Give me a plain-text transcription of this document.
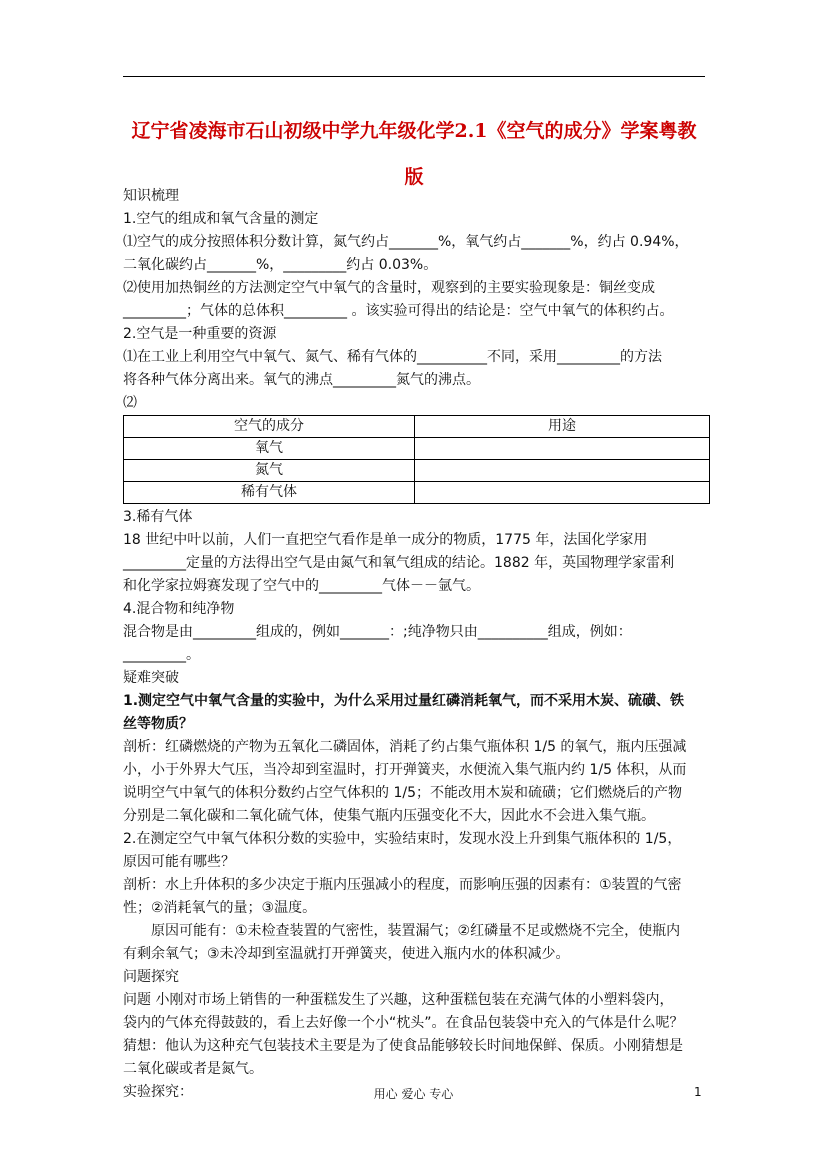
辽宁省凌海市石山初级中学九年级化学2.1《空气的成分》学案粤教
版

知识梳理

1.空气的组成和氧气含量的测定

⑴空气的成分按照体积分数计算，氮气约占_______%，氧气约占_______%，约占 0.94%，

二氧化碳约占_______%，_________约占 0.03%。

⑵使用加热铜丝的方法测定空气中氧气的含量时，观察到的主要实验现象是：铜丝变成

_________；气体的总体积_________ 。该实验可得出的结论是：空气中氧气的体积约占。

2.空气是一种重要的资源

⑴在工业上利用空气中氧气、氮气、稀有气体的__________不同，采用_________的方法

将各种气体分离出来。氧气的沸点_________氮气的沸点。

⑵

空气的成分	用途
氧气	
氮气	
稀有气体	

3.稀有气体

18 世纪中叶以前，人们一直把空气看作是单一成分的物质，1775 年，法国化学家用

_________定量的方法得出空气是由氮气和氧气组成的结论。1882 年，英国物理学家雷利

和化学家拉姆赛发现了空气中的_________气体－－氩气。

4.混合物和纯净物

混合物是由_________组成的，例如_______：;纯净物只由__________组成，例如：

_________。

疑难突破

1.测定空气中氧气含量的实验中，为什么采用过量红磷消耗氧气，而不采用木炭、硫磺、铁

丝等物质？

剖析：红磷燃烧的产物为五氧化二磷固体，消耗了约占集气瓶体积 1/5 的氧气，瓶内压强减

小，小于外界大气压，当冷却到室温时，打开弹簧夹，水便流入集气瓶内约 1/5 体积，从而

说明空气中氧气的体积分数约占空气体积的 1/5；不能改用木炭和硫磺；它们燃烧后的产物

分别是二氧化碳和二氧化硫气体，使集气瓶内压强变化不大，因此水不会进入集气瓶。

2.在测定空气中氧气体积分数的实验中，实验结束时，发现水没上升到集气瓶体积的 1/5，

原因可能有哪些？

剖析：水上升体积的多少决定于瓶内压强减小的程度，而影响压强的因素有：①装置的气密

性；②消耗氧气的量；③温度。

原因可能有：①未检查装置的气密性，装置漏气；②红磷量不足或燃烧不完全，使瓶内

有剩余氧气；③未冷却到室温就打开弹簧夹，使进入瓶内水的体积减少。

问题探究

问题 小刚对市场上销售的一种蛋糕发生了兴趣，这种蛋糕包装在充满气体的小塑料袋内，

袋内的气体充得鼓鼓的，看上去好像一个小“枕头”。在食品包装袋中充入的气体是什么呢？

猜想：他认为这种充气包装技术主要是为了使食品能够较长时间地保鲜、保质。小刚猜想是

二氧化碳或者是氮气。

实验探究：	用心 爱心 专心	1
